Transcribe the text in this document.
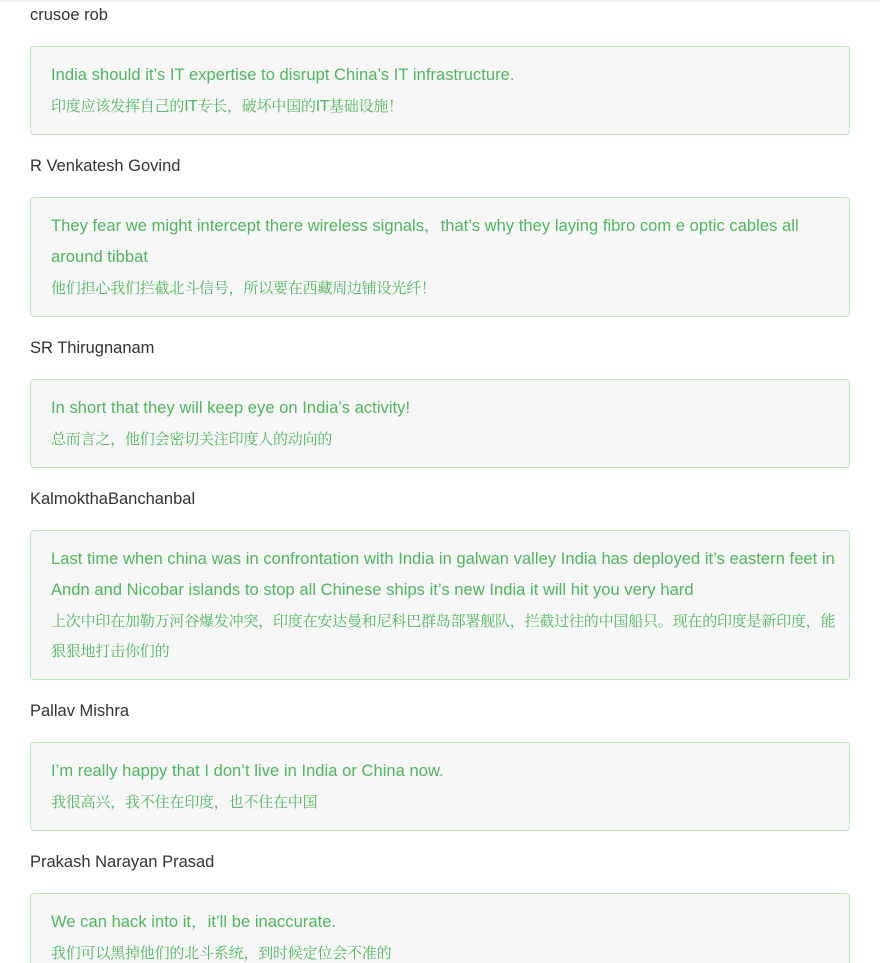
crusoe rob
India should it’s IT expertise to disrupt China’s IT infrastructure.
印度应该发挥自己的IT专长，破坏中国的IT基础设施！
R Venkatesh Govind
They fear we might intercept there wireless signals，that’s why they laying fibro com e optic cables all around tibbat
他们担心我们拦截北斗信号，所以要在西藏周边铺设光纤！
SR Thirugnanam
In short that they will keep eye on India’s activity!
总而言之，他们会密切关注印度人的动向的
KalmokthaBanchanbal
Last time when china was in confrontation with India in galwan valley India has deployed it’s eastern feet in Andn and Nicobar islands to stop all Chinese ships it’s new India it will hit you very hard
上次中印在加勒万河谷爆发冲突，印度在安达曼和尼科巴群岛部署舰队，拦截过往的中国船只。现在的印度是新印度，能狠狠地打击你们的
Pallav Mishra
I’m really happy that I don’t live in India or China now.
我很高兴，我不住在印度，也不住在中国
Prakash Narayan Prasad
We can hack into it，it’ll be inaccurate.
我们可以黑掉他们的北斗系统，到时候定位会不准的
